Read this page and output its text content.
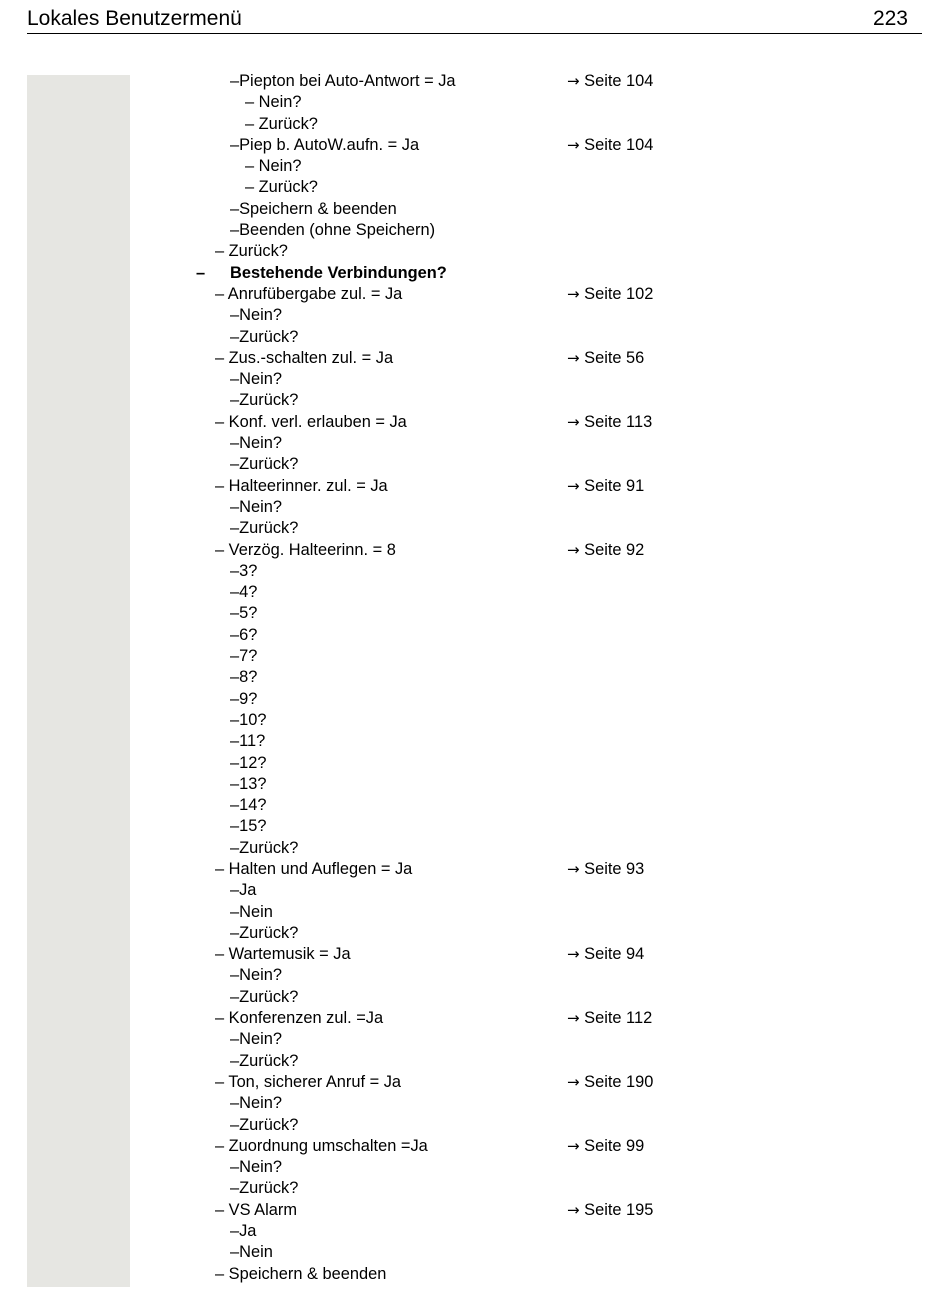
Lokales Benutzermenü	223
–Piepton bei Auto-Antwort = Ja	→ Seite 104
– Nein?
– Zurück?
–Piep b. AutoW.aufn. = Ja	→ Seite 104
– Nein?
– Zurück?
–Speichern & beenden
–Beenden (ohne Speichern)
– Zurück?
– Bestehende Verbindungen?
– Anrufübergabe zul. = Ja	→ Seite 102
–Nein?
–Zurück?
– Zus.-schalten zul. = Ja	→ Seite 56
–Nein?
–Zurück?
– Konf. verl. erlauben = Ja	→ Seite 113
–Nein?
–Zurück?
– Halteerinner. zul. = Ja	→ Seite 91
–Nein?
–Zurück?
– Verzög. Halteerinn. = 8	→ Seite 92
–3?
–4?
–5?
–6?
–7?
–8?
–9?
–10?
–11?
–12?
–13?
–14?
–15?
–Zurück?
– Halten und Auflegen = Ja	→ Seite 93
–Ja
–Nein
–Zurück?
– Wartemusik = Ja	→ Seite 94
–Nein?
–Zurück?
– Konferenzen zul. =Ja	→ Seite 112
–Nein?
–Zurück?
– Ton, sicherer Anruf = Ja	→ Seite 190
–Nein?
–Zurück?
– Zuordnung umschalten =Ja	→ Seite 99
–Nein?
–Zurück?
– VS Alarm	→ Seite 195
–Ja
–Nein
– Speichern & beenden
